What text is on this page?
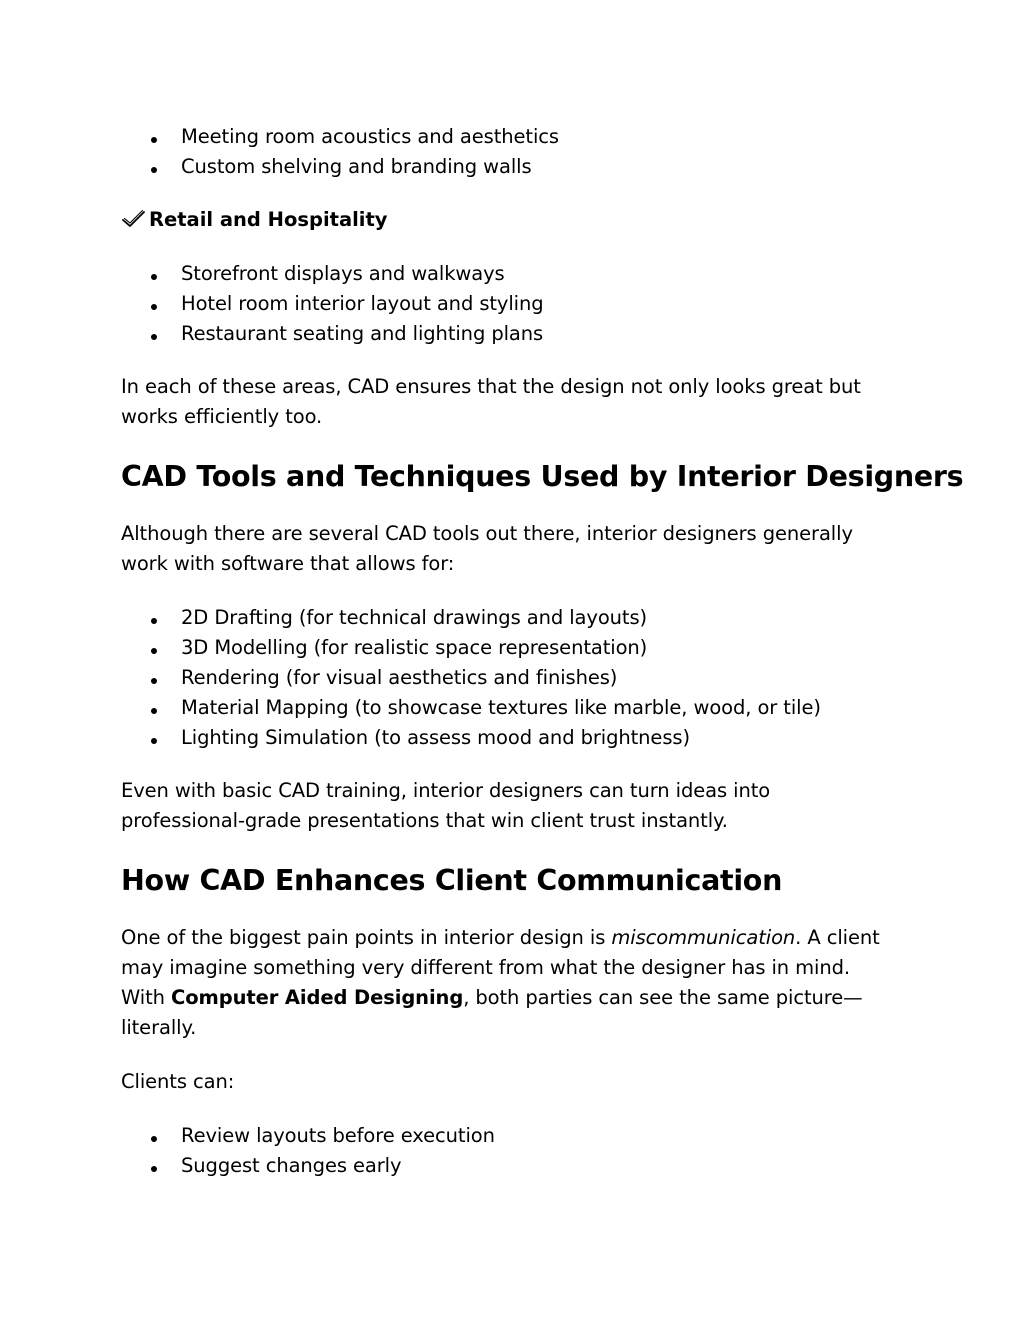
Meeting room acoustics and aesthetics

Custom shelving and branding walls

Retail and Hospitality

Storefront displays and walkways

Hotel room interior layout and styling

Restaurant seating and lighting plans

In each of these areas, CAD ensures that the design not only looks great but

works efficiently too.

CAD Tools and Techniques Used by Interior Designers

Although there are several CAD tools out there, interior designers generally

work with software that allows for:

2D Drafting (for technical drawings and layouts)

3D Modelling (for realistic space representation)

Rendering (for visual aesthetics and finishes)

Material Mapping (to showcase textures like marble, wood, or tile)

Lighting Simulation (to assess mood and brightness)

Even with basic CAD training, interior designers can turn ideas into

professional-grade presentations that win client trust instantly.

How CAD Enhances Client Communication

One of the biggest pain points in interior design is miscommunication. A client

may imagine something very different from what the designer has in mind.

With Computer Aided Designing, both parties can see the same picture—

literally.

Clients can:

Review layouts before execution

Suggest changes early
